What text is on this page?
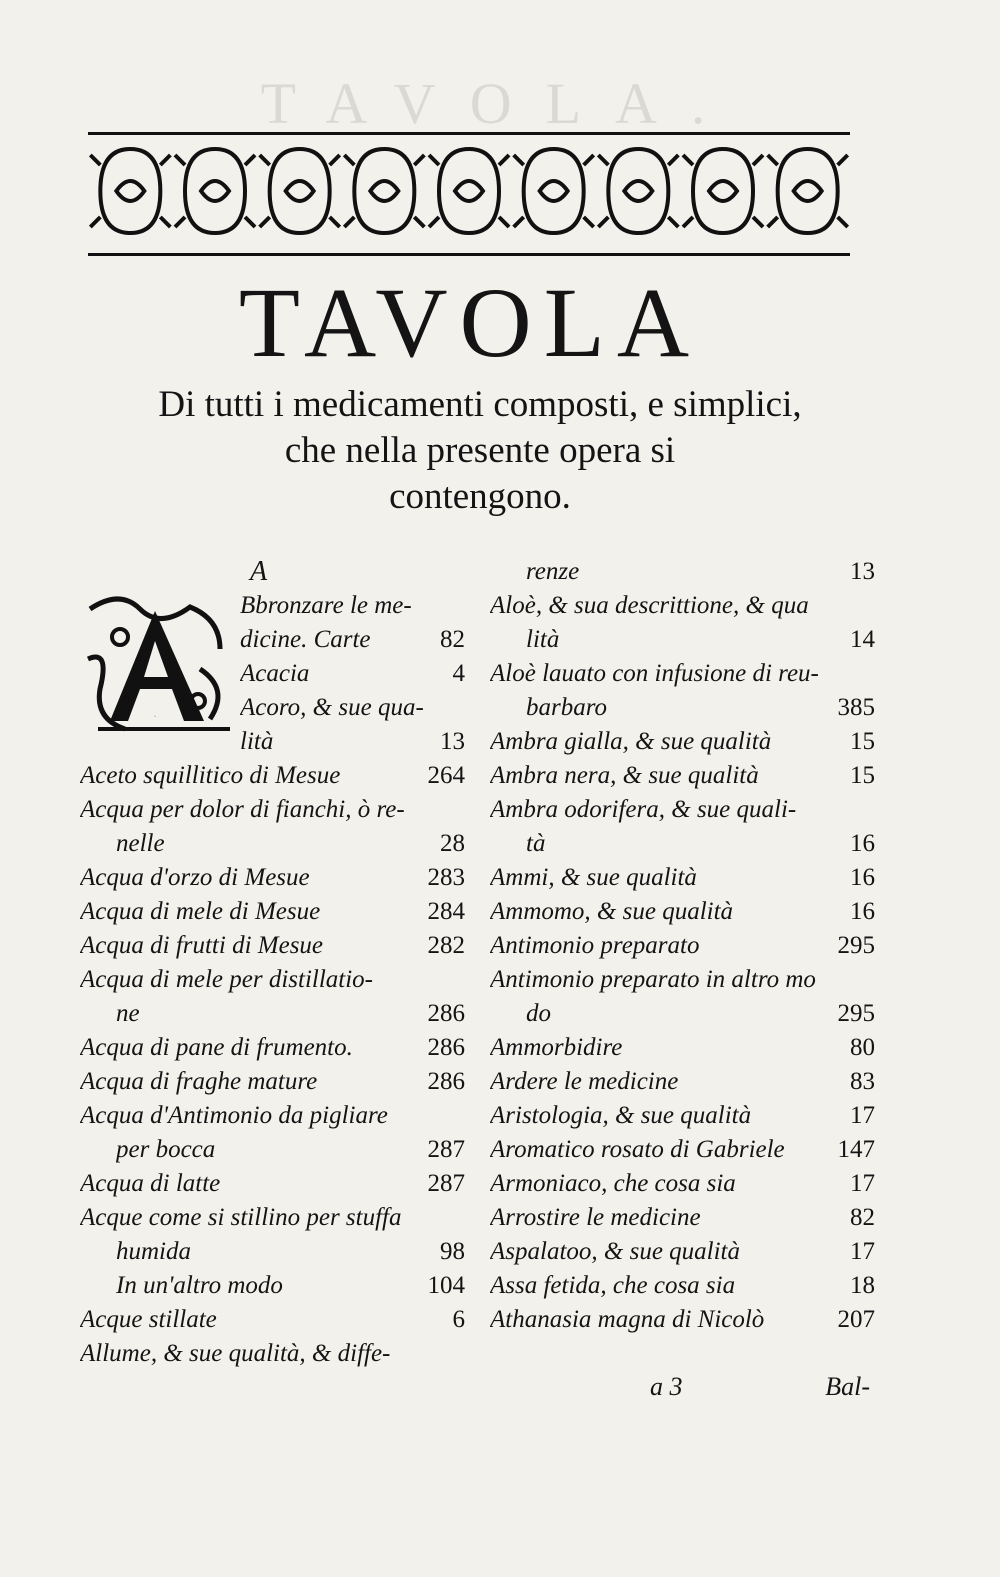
TAVOLA.
TAVOLA
Di tutti i medicamenti composti, e simplici,
che nella presente opera si
contengono.
A
A
Bbronzare le me-
dicine. Carte	82
Acacia	4
Acoro, & sue qua-
lità	13
Aceto squillitico di Mesue	264
Acqua per dolor di fianchi, ò re-
nelle	28
Acqua d'orzo di Mesue	283
Acqua di mele di Mesue	284
Acqua di frutti di Mesue	282
Acqua di mele per distillatio-
ne	286
Acqua di pane di frumento.	286
Acqua di fraghe mature	286
Acqua d'Antimonio da pigliare
per bocca	287
Acqua di latte	287
Acque come si stillino per stuffa
humida	98
In un'altro modo	104
Acque stillate	6
Allume, & sue qualità, & diffe-
renze	13
Aloè, & sua descrittione, & qua
lità	14
Aloè lauato con infusione di reu-
barbaro	385
Ambra gialla, & sue qualità	15
Ambra nera, & sue qualità	15
Ambra odorifera, & sue quali-
tà	16
Ammi, & sue qualità	16
Ammomo, & sue qualità	16
Antimonio preparato	295
Antimonio preparato in altro mo
do	295
Ammorbidire	80
Ardere le medicine	83
Aristologia, & sue qualità	17
Aromatico rosato di Gabriele 147
Armoniaco, che cosa sia	17
Arrostire le medicine	82
Aspalatoo, & sue qualità	17
Assa fetida, che cosa sia	18
Athanasia magna di Nicolò	207
a 3	Bal-
